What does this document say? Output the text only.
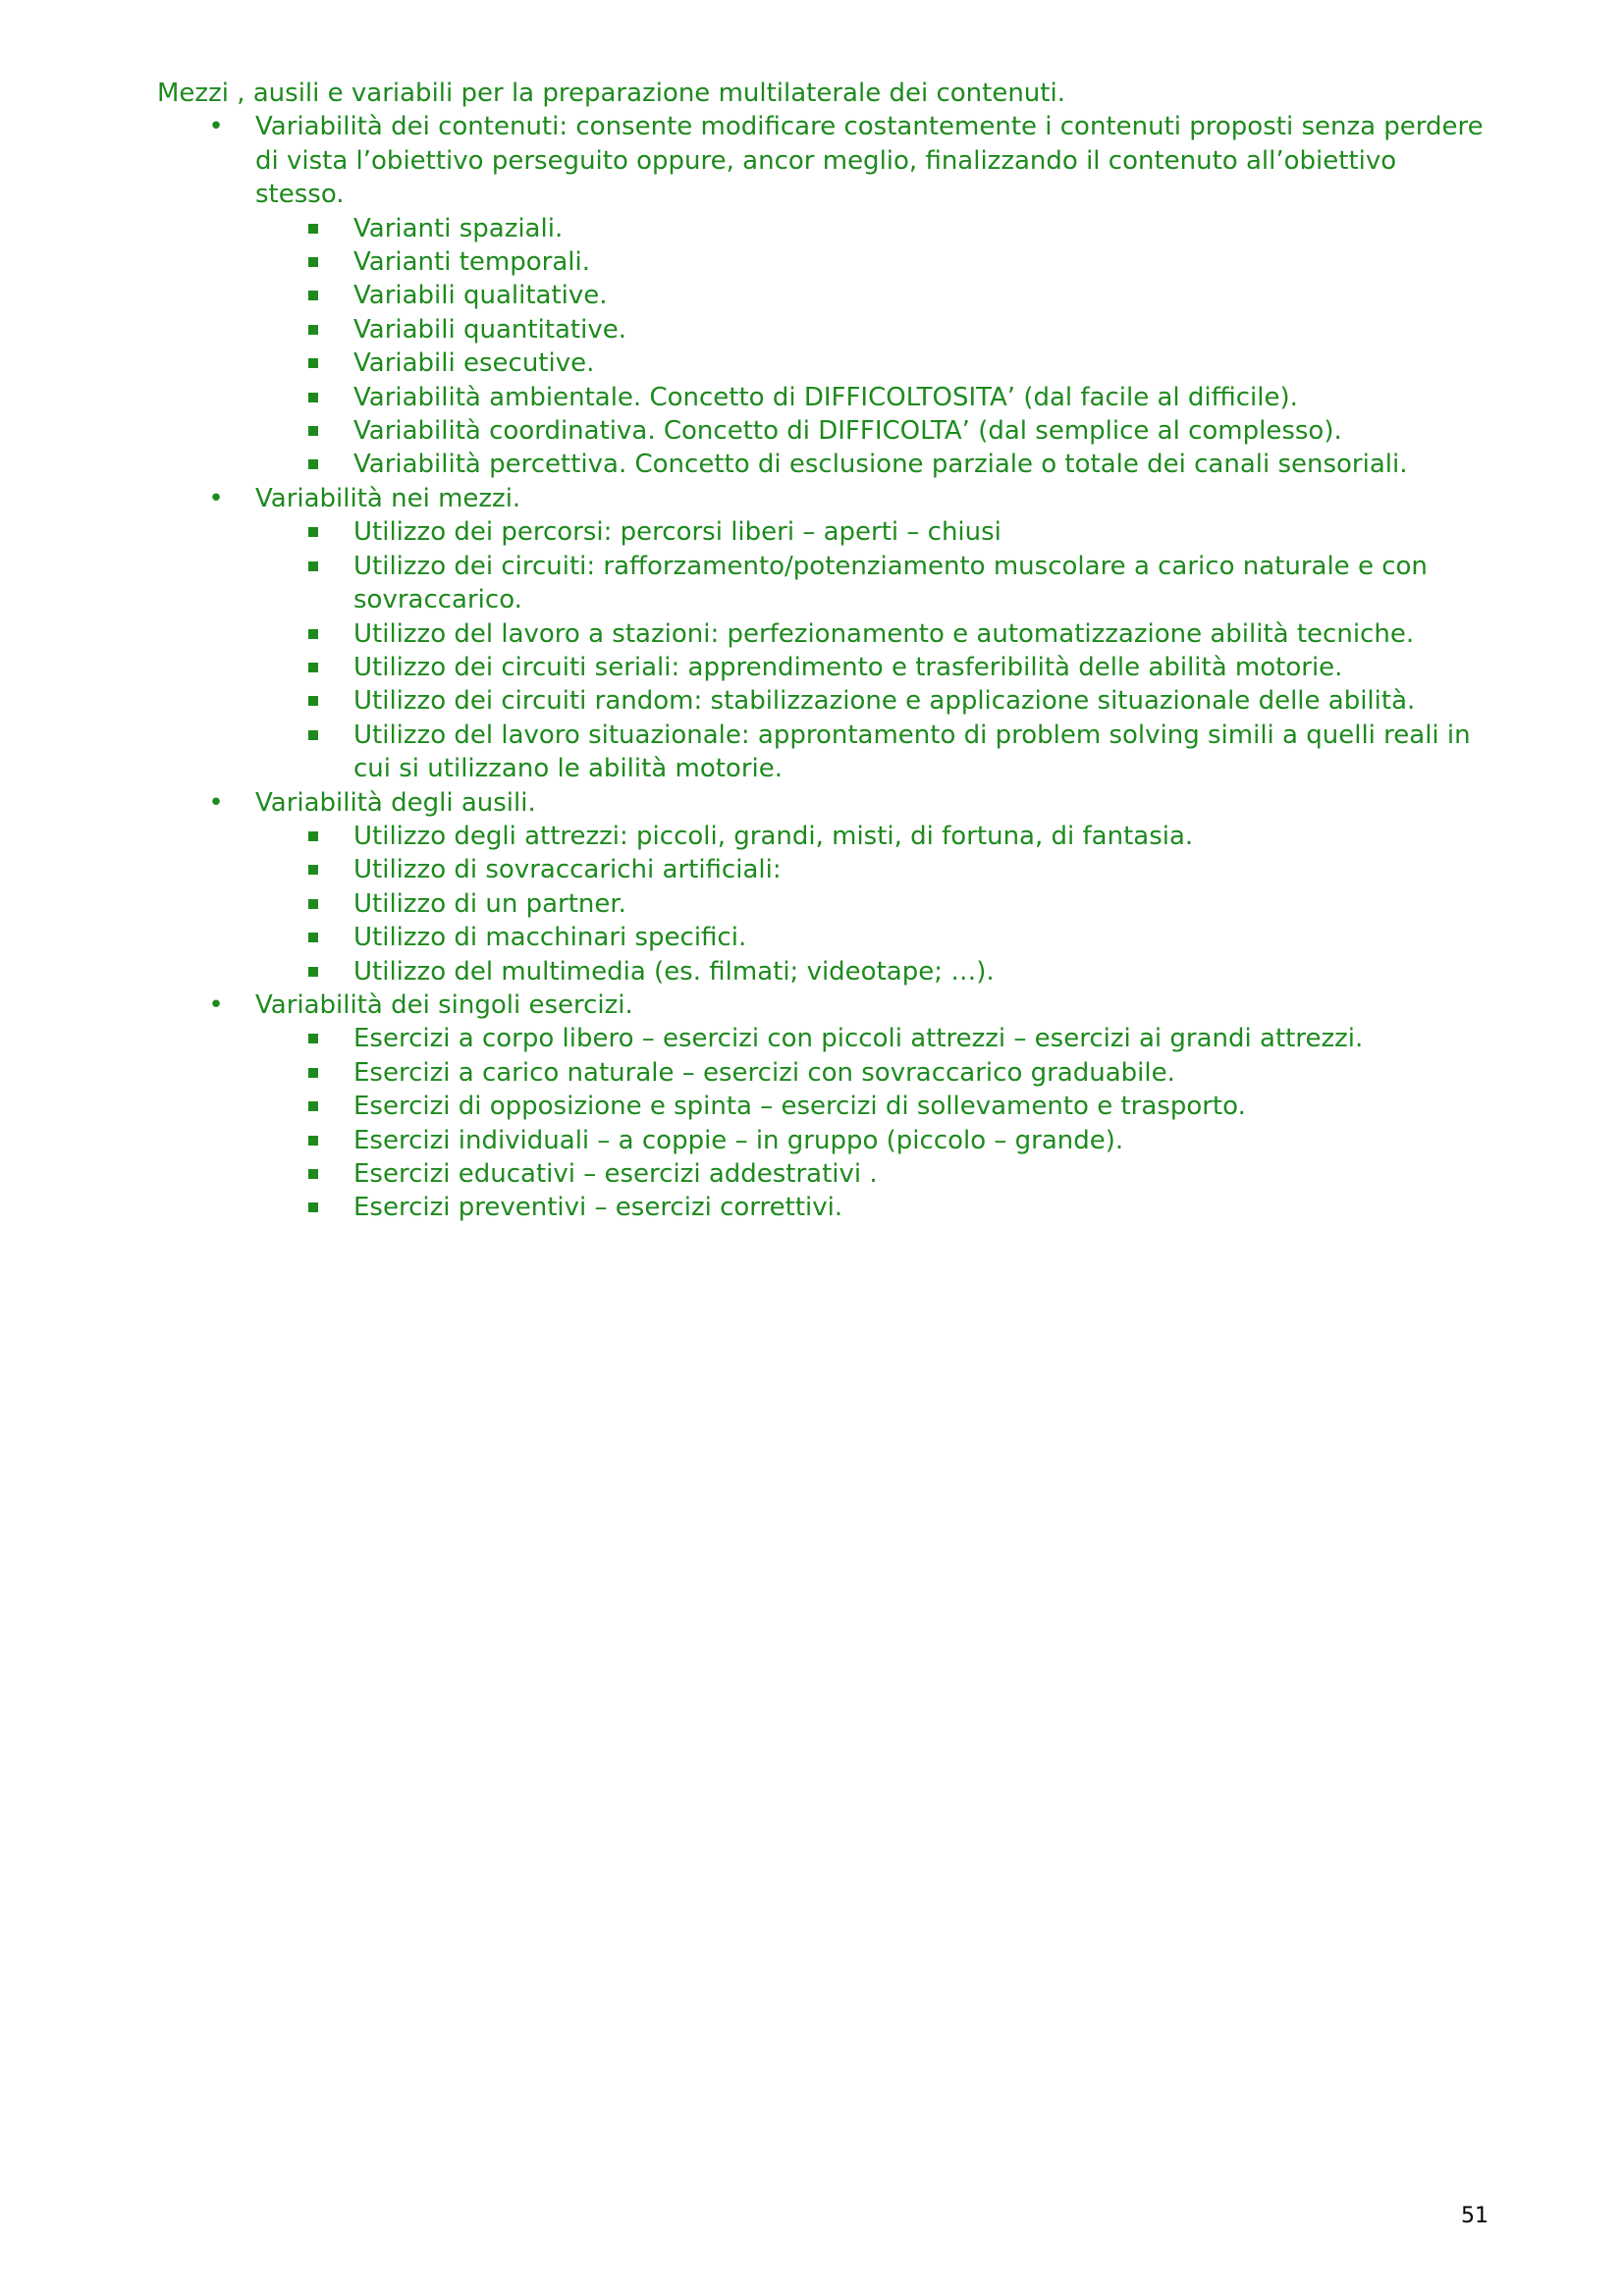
Mezzi , ausili e variabili per la preparazione multilaterale dei contenuti.

• Variabilità dei contenuti: consente modificare costantemente i contenuti proposti senza perdere di vista l’obiettivo perseguito oppure, ancor meglio, finalizzando il contenuto all’obiettivo stesso.
Varianti spaziali.
Varianti temporali.
Variabili qualitative.
Variabili quantitative.
Variabili esecutive.
Variabilità ambientale. Concetto di DIFFICOLTOSITA’ (dal facile al difficile).
Variabilità coordinativa. Concetto di DIFFICOLTA’ (dal semplice al complesso).
Variabilità percettiva. Concetto di esclusione parziale o totale dei canali sensoriali.
• Variabilità nei mezzi.
Utilizzo dei percorsi: percorsi liberi – aperti – chiusi
Utilizzo dei circuiti: rafforzamento/potenziamento muscolare a carico naturale e con sovraccarico.
Utilizzo del lavoro a stazioni: perfezionamento e automatizzazione abilità tecniche.
Utilizzo dei circuiti seriali: apprendimento e trasferibilità delle abilità motorie.
Utilizzo dei circuiti random: stabilizzazione e applicazione situazionale delle abilità.
Utilizzo del lavoro situazionale: approntamento di problem solving simili a quelli reali in cui si utilizzano le abilità motorie.
• Variabilità degli ausili.
Utilizzo degli attrezzi: piccoli, grandi, misti, di fortuna, di fantasia.
Utilizzo di sovraccarichi artificiali:
Utilizzo di un partner.
Utilizzo di macchinari specifici.
Utilizzo del multimedia (es. filmati; videotape; …).
• Variabilità dei singoli esercizi.
Esercizi a corpo libero – esercizi con piccoli attrezzi – esercizi ai grandi attrezzi.
Esercizi a carico naturale – esercizi con sovraccarico graduabile.
Esercizi di opposizione e spinta – esercizi di sollevamento e trasporto.
Esercizi individuali – a coppie – in gruppo (piccolo – grande).
Esercizi educativi – esercizi addestrativi .
Esercizi preventivi – esercizi correttivi.
51
